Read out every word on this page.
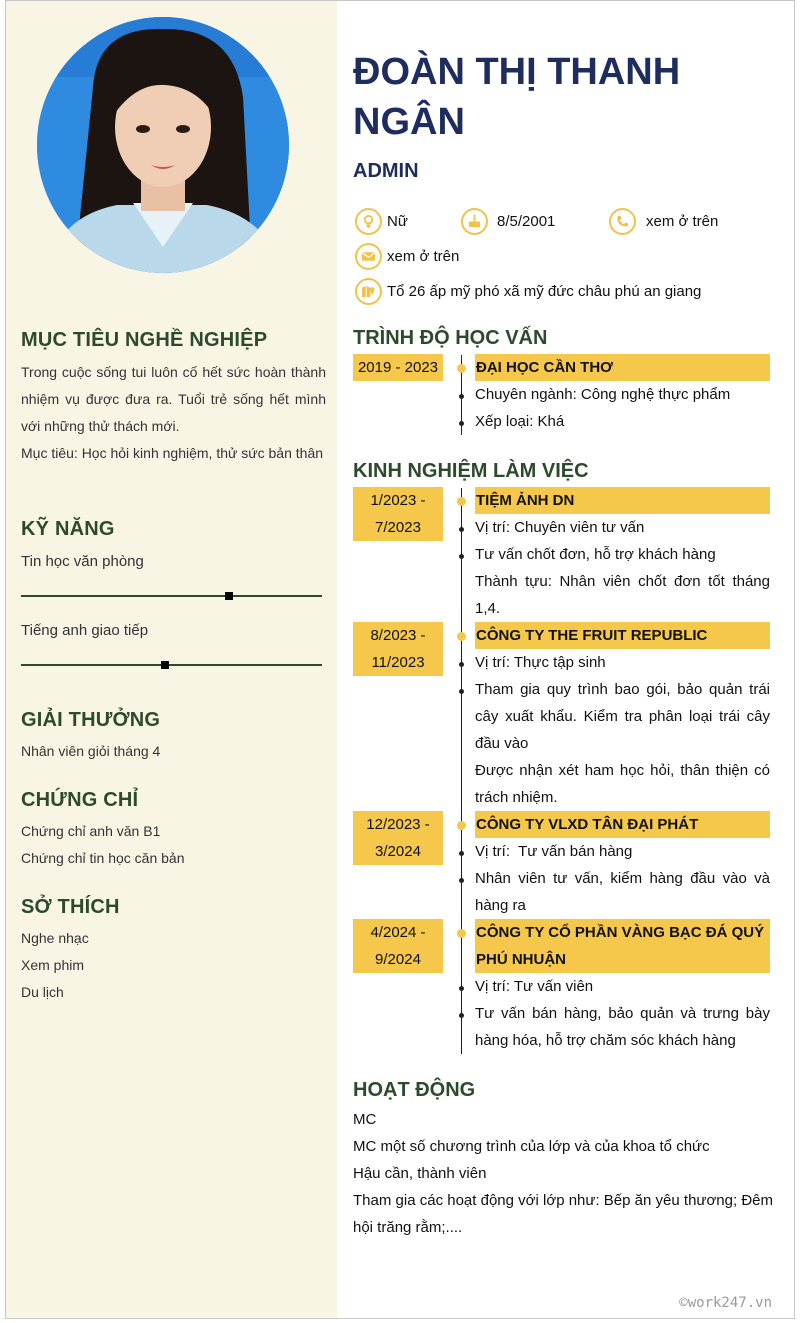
MỤC TIÊU NGHỀ NGHIỆP
Trong cuộc sống tui luôn cố hết sức hoàn thành nhiệm vụ được đưa ra. Tuổi trẻ sống hết mình với những thử thách mới.
Mục tiêu: Học hỏi kinh nghiệm, thử sức bản thân
KỸ NĂNG
Tin học văn phòng
Tiếng anh giao tiếp
GIẢI THƯỞNG
Nhân viên giỏi tháng 4
CHỨNG CHỈ
Chứng chỉ anh văn B1
Chứng chỉ tin học căn bản
SỞ THÍCH
Nghe nhạc
Xem phim
Du lịch
ĐOÀN THỊ THANH NGÂN
ADMIN
Nữ	8/5/2001	xem ở trên
xem ở trên
Tổ 26 ấp mỹ phó xã mỹ đức châu phú an giang
TRÌNH ĐỘ HỌC VẤN
2019 - 2023	ĐẠI HỌC CẦN THƠ
Chuyên ngành: Công nghệ thực phẩm
Xếp loại: Khá
KINH NGHIỆM LÀM VIỆC
1/2023 -
7/2023
TIỆM ẢNH DN
Vị trí: Chuyên viên tư vấn
Tư vấn chốt đơn, hỗ trợ khách hàng
Thành tựu: Nhân viên chốt đơn tốt tháng 1,4.
8/2023 -
11/2023
CÔNG TY THE FRUIT REPUBLIC
Vị trí: Thực tập sinh
Tham gia quy trình bao gói, bảo quản trái cây xuất khẩu. Kiểm tra phân loại trái cây đầu vào
Được nhận xét ham học hỏi, thân thiện có trách nhiệm.
12/2023 -
3/2024
CÔNG TY VLXD TÂN ĐẠI PHÁT
Vị trí:  Tư vấn bán hàng
Nhân viên tư vấn, kiểm hàng đầu vào và hàng ra
4/2024 -
9/2024
CÔNG TY CỔ PHẦN VÀNG BẠC ĐÁ QUÝ PHÚ NHUẬN
Vị trí: Tư vấn viên
Tư vấn bán hàng, bảo quản và trưng bày hàng hóa, hỗ trợ chăm sóc khách hàng
HOẠT ĐỘNG
MC
MC một số chương trình của lớp và của khoa tổ chức
Hậu cần, thành viên
Tham gia các hoạt động với lớp như: Bếp ăn yêu thương; Đêm hội trăng rằm;....
©work247.vn
